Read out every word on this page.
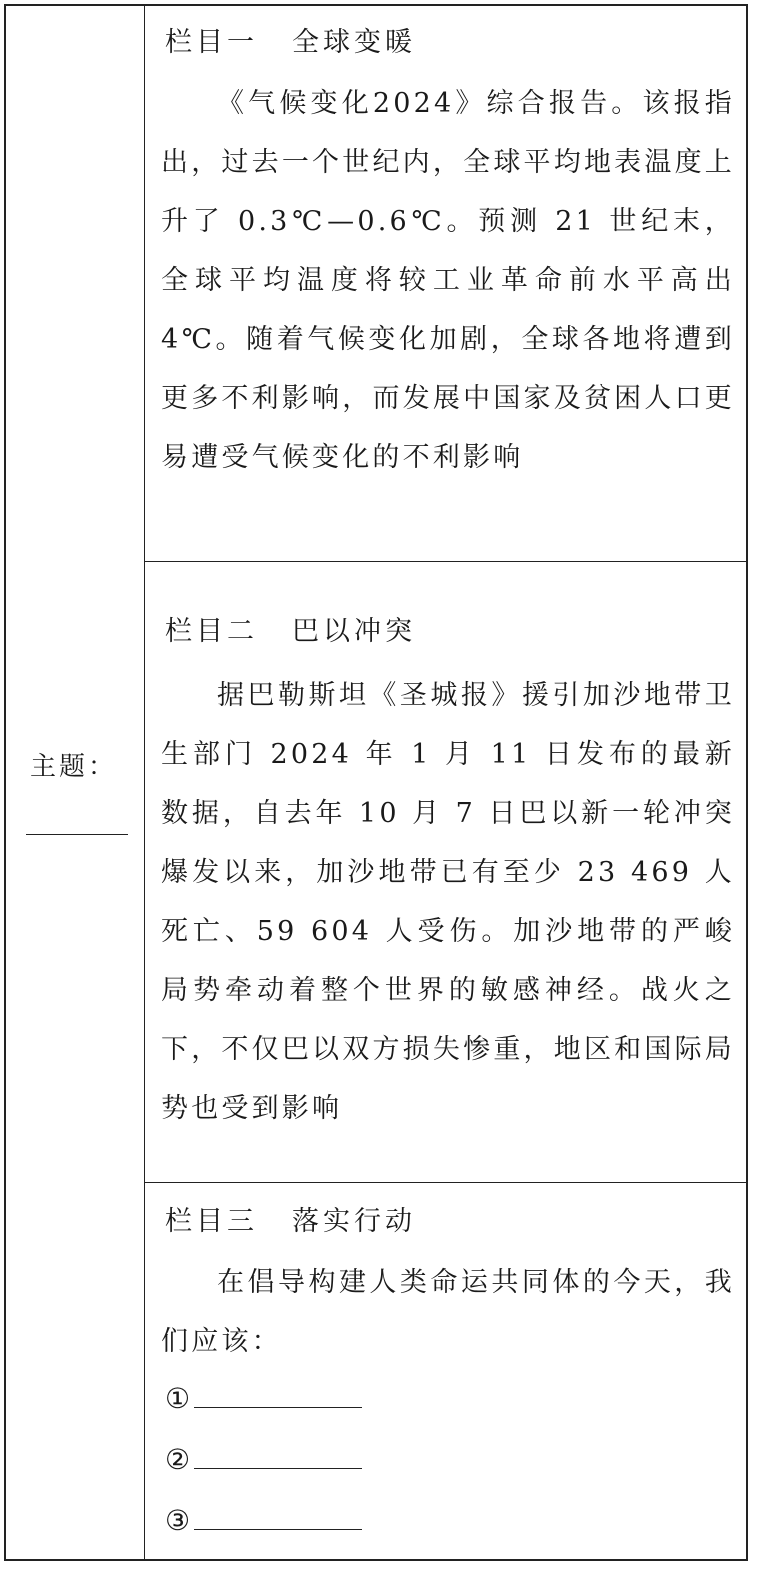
主题：
栏目一 全球变暖

《气候变化2024》综合报告。该报指出，过去一个世纪内，全球平均地表温度上升了 0.3℃—0.6℃。预测 21 世纪末，全球平均温度将较工业革命前水平高出 4℃。随着气候变化加剧，全球各地将遭到更多不利影响，而发展中国家及贫困人口更易遭受气候变化的不利影响

栏目二 巴以冲突

据巴勒斯坦《圣城报》援引加沙地带卫生部门 2024 年 1 月 11 日发布的最新数据，自去年 10 月 7 日巴以新一轮冲突爆发以来，加沙地带已有至少 23 469 人死亡、59 604 人受伤。加沙地带的严峻局势牵动着整个世界的敏感神经。战火之下，不仅巴以双方损失惨重，地区和国际局势也受到影响

栏目三 落实行动

在倡导构建人类命运共同体的今天，我们应该：

①
②
③
